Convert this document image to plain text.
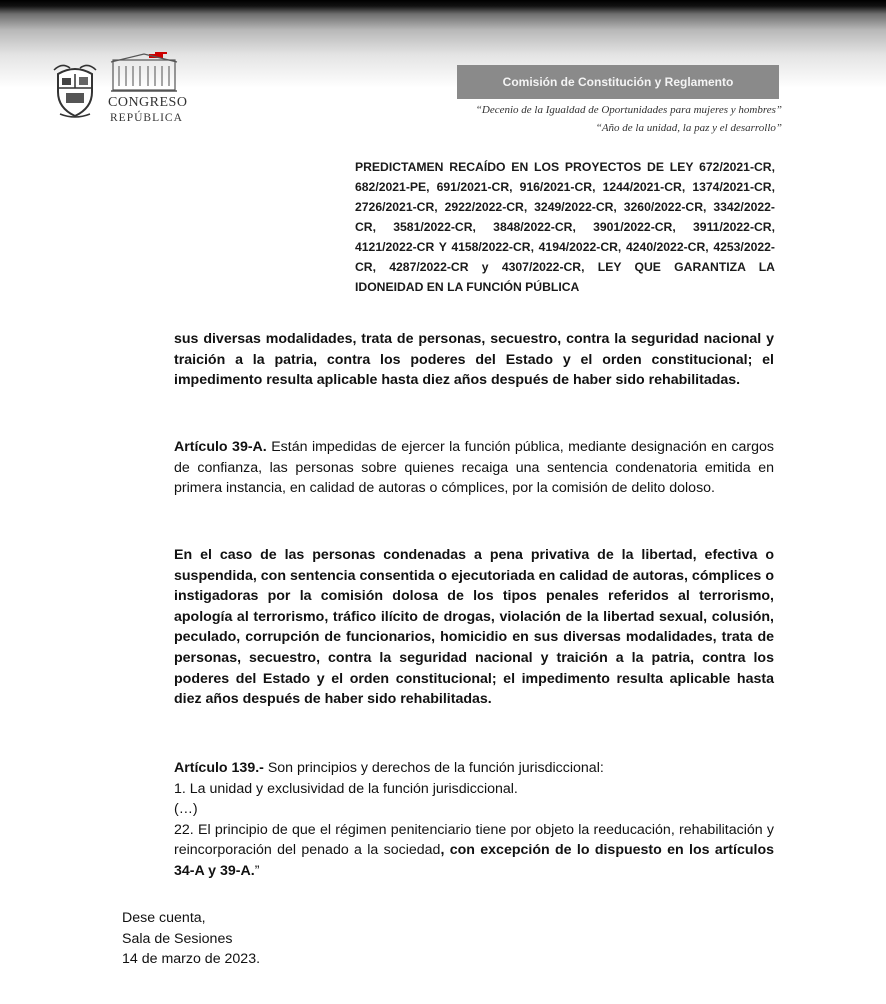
CONGRESO
REPÚBLICA
Comisión de Constitución y Reglamento
“Decenio de la Igualdad de Oportunidades para mujeres y hombres”
“Año de la unidad, la paz y el desarrollo”
PREDICTAMEN RECAÍDO EN LOS PROYECTOS DE LEY 672/2021-CR, 682/2021-PE, 691/2021-CR, 916/2021-CR, 1244/2021-CR, 1374/2021-CR, 2726/2021-CR, 2922/2022-CR, 3249/2022-CR, 3260/2022-CR, 3342/2022-CR, 3581/2022-CR, 3848/2022-CR, 3901/2022-CR, 3911/2022-CR, 4121/2022-CR Y 4158/2022-CR, 4194/2022-CR, 4240/2022-CR, 4253/2022-CR, 4287/2022-CR y 4307/2022-CR, LEY QUE GARANTIZA LA IDONEIDAD EN LA FUNCIÓN PÚBLICA
sus diversas modalidades, trata de personas, secuestro, contra la seguridad nacional y traición a la patria, contra los poderes del Estado y el orden constitucional; el impedimento resulta aplicable hasta diez años después de haber sido rehabilitadas.
Artículo 39-A. Están impedidas de ejercer la función pública, mediante designación en cargos de confianza, las personas sobre quienes recaiga una sentencia condenatoria emitida en primera instancia, en calidad de autoras o cómplices, por la comisión de delito doloso.
En el caso de las personas condenadas a pena privativa de la libertad, efectiva o suspendida, con sentencia consentida o ejecutoriada en calidad de autoras, cómplices o instigadoras por la comisión dolosa de los tipos penales referidos al terrorismo, apología al terrorismo, tráfico ilícito de drogas, violación de la libertad sexual, colusión, peculado, corrupción de funcionarios, homicidio en sus diversas modalidades, trata de personas, secuestro, contra la seguridad nacional y traición a la patria, contra los poderes del Estado y el orden constitucional; el impedimento resulta aplicable hasta diez años después de haber sido rehabilitadas.
Artículo 139.- Son principios y derechos de la función jurisdiccional:
1. La unidad y exclusividad de la función jurisdiccional.
(…)
22. El principio de que el régimen penitenciario tiene por objeto la reeducación, rehabilitación y reincorporación del penado a la sociedad, con excepción de lo dispuesto en los artículos 34-A y 39-A.”
Dese cuenta,
Sala de Sesiones
14 de marzo de 2023.
